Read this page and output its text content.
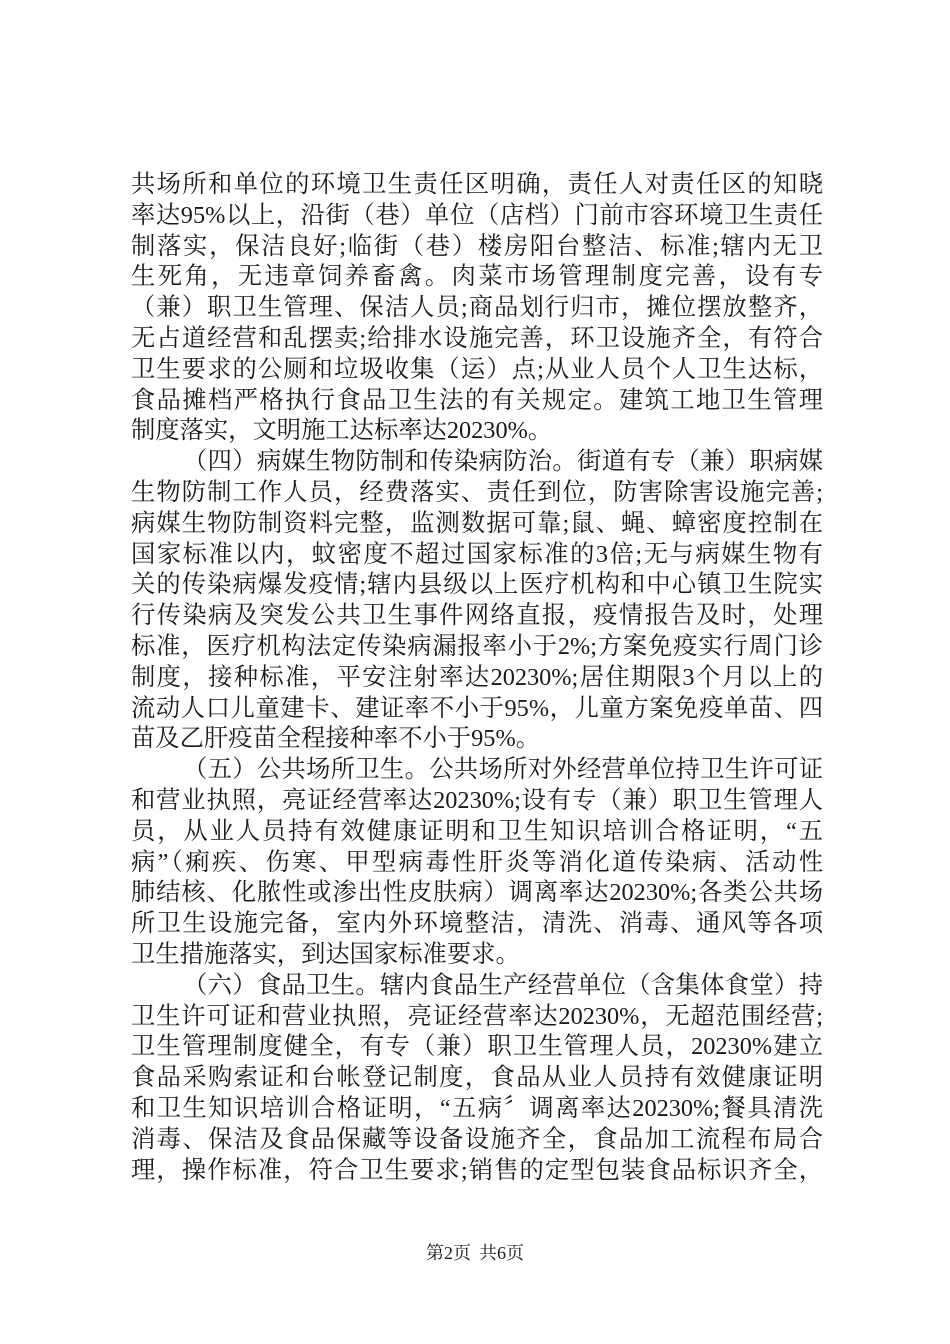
共场所和单位的环境卫生责任区明确，责任人对责任区的知晓
率达95%以上，沿街（巷）单位（店档）门前市容环境卫生责任
制落实，保洁良好;临街（巷）楼房阳台整洁、标准;辖内无卫
生死角，无违章饲养畜禽。肉菜市场管理制度完善，设有专
（兼）职卫生管理、保洁人员;商品划行归市，摊位摆放整齐，
无占道经营和乱摆卖;给排水设施完善，环卫设施齐全，有符合
卫生要求的公厕和垃圾收集（运）点;从业人员个人卫生达标，
食品摊档严格执行食品卫生法的有关规定。建筑工地卫生管理
制度落实，文明施工达标率达20230%。
（四）病媒生物防制和传染病防治。街道有专（兼）职病媒
生物防制工作人员，经费落实、责任到位，防害除害设施完善;
病媒生物防制资料完整，监测数据可靠;鼠、蝇、蟑密度控制在
国家标准以内，蚊密度不超过国家标准的3倍;无与病媒生物有
关的传染病爆发疫情;辖内县级以上医疗机构和中心镇卫生院实
行传染病及突发公共卫生事件网络直报，疫情报告及时，处理
标准，医疗机构法定传染病漏报率小于2%;方案免疫实行周门诊
制度，接种标准，平安注射率达20230%;居住期限3个月以上的
流动人口儿童建卡、建证率不小于95%，儿童方案免疫单苗、四
苗及乙肝疫苗全程接种率不小于95%。
（五）公共场所卫生。公共场所对外经营单位持卫生许可证
和营业执照，亮证经营率达20230%;设有专（兼）职卫生管理人
员，从业人员持有效健康证明和卫生知识培训合格证明，“五
病”（痢疾、伤寒、甲型病毒性肝炎等消化道传染病、活动性
肺结核、化脓性或渗出性皮肤病）调离率达20230%;各类公共场
所卫生设施完备，室内外环境整洁，清洗、消毒、通风等各项
卫生措施落实，到达国家标准要求。
（六）食品卫生。辖内食品生产经营单位（含集体食堂）持
卫生许可证和营业执照，亮证经营率达20230%，无超范围经营;
卫生管理制度健全，有专（兼）职卫生管理人员，20230%建立
食品采购索证和台帐登记制度，食品从业人员持有效健康证明
和卫生知识培训合格证明，“五病〞调离率达20230%;餐具清洗
消毒、保洁及食品保藏等设备设施齐全，食品加工流程布局合
理，操作标准，符合卫生要求;销售的定型包装食品标识齐全，
第2页 共6页
